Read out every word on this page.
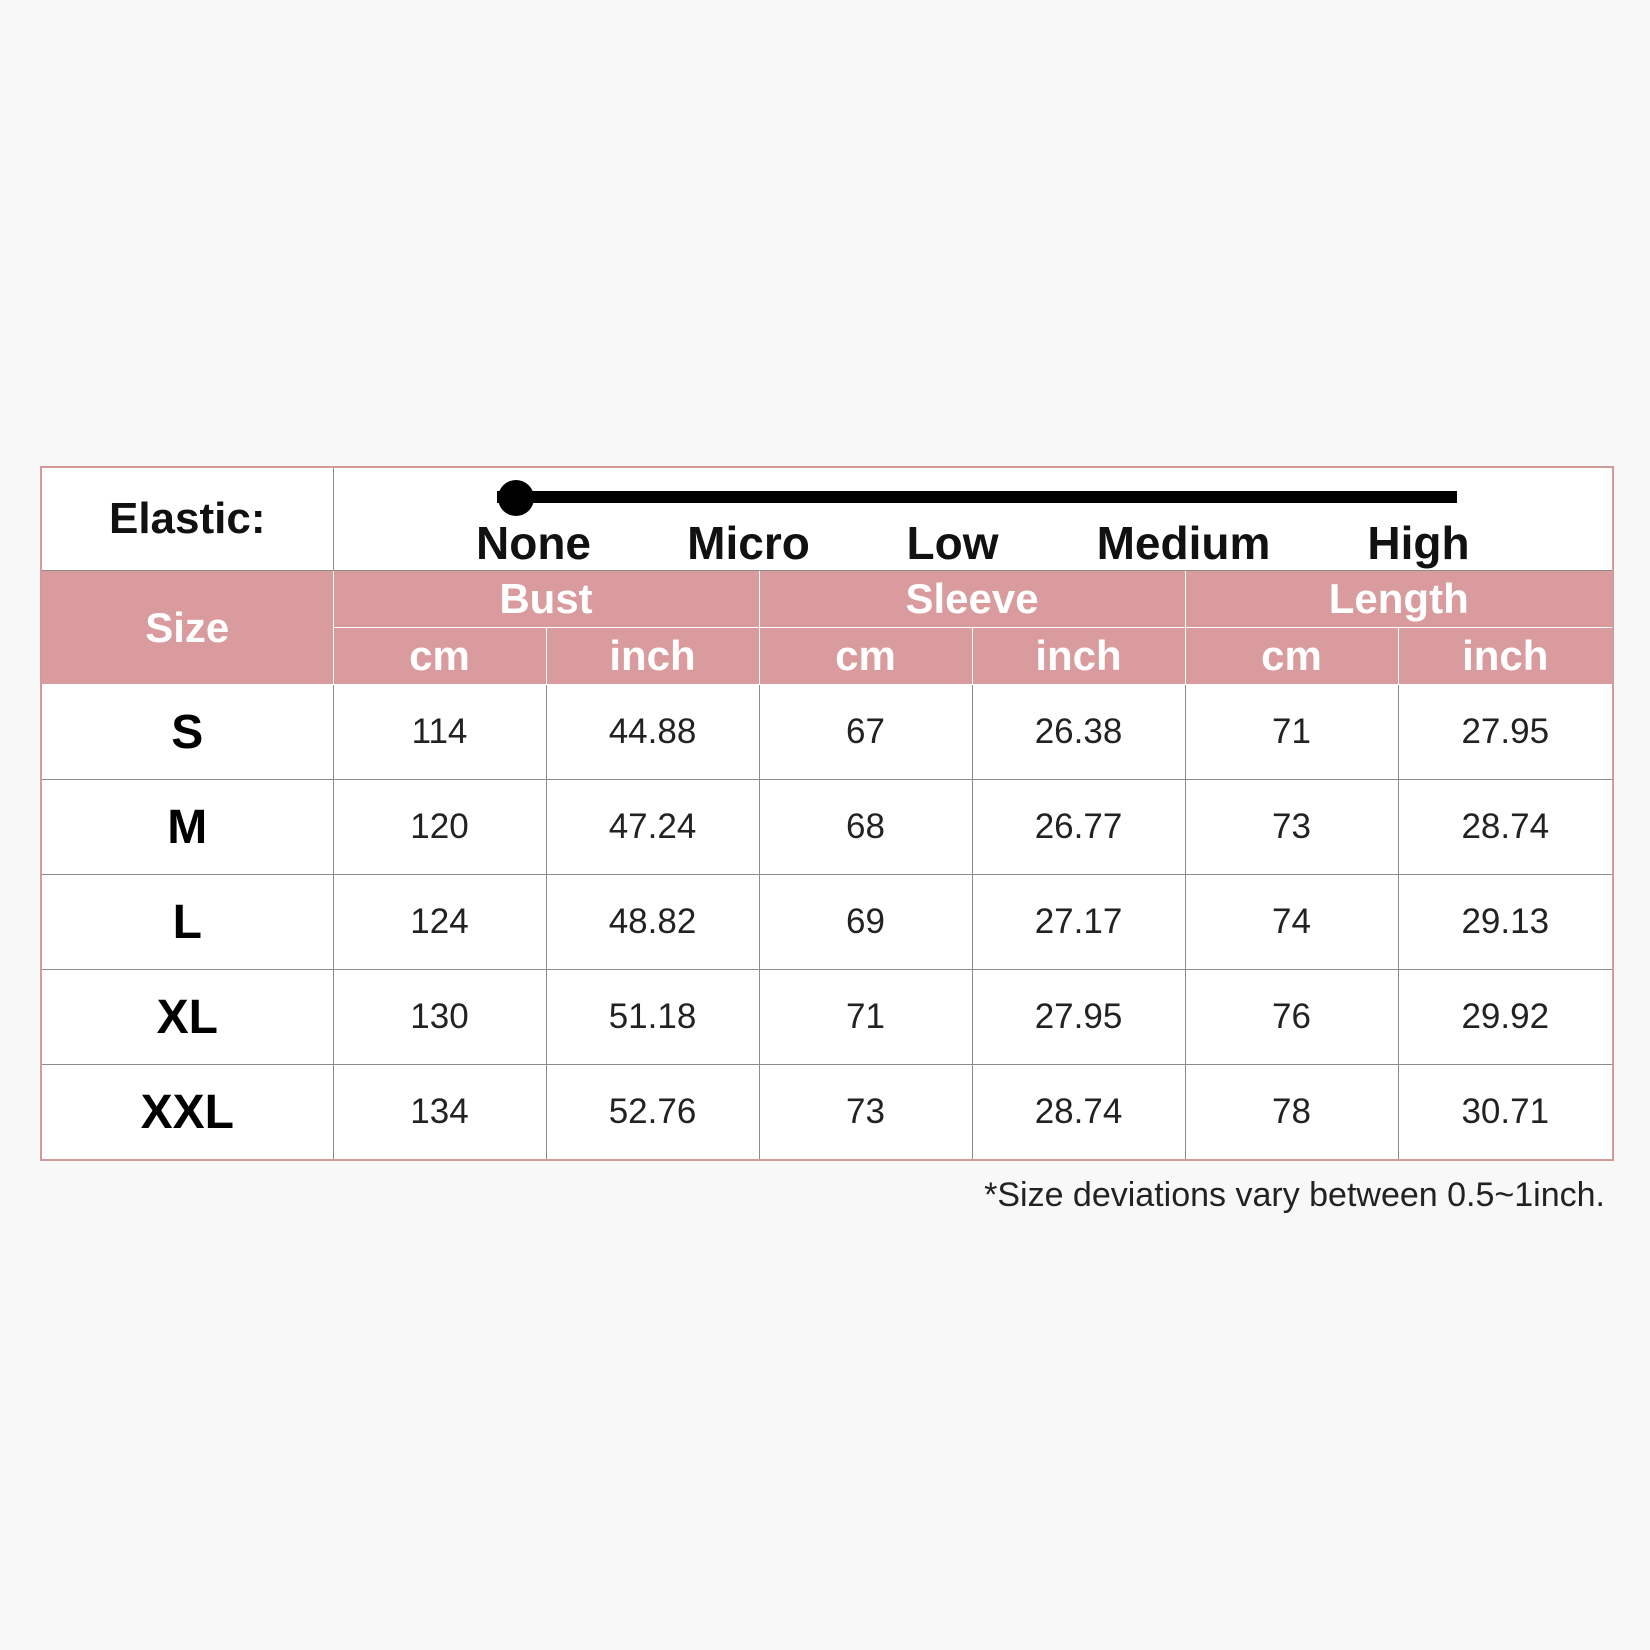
Elastic:	None Micro Low Medium High					

Size	Bust		Sleeve		Length	
	cm	inch	cm	inch	cm	inch
S	114	44.88	67	26.38	71	27.95
M	120	47.24	68	26.77	73	28.74
L	124	48.82	69	27.17	74	29.13
XL	130	51.18	71	27.95	76	29.92
XXL	134	52.76	73	28.74	78	30.71
*Size deviations vary between 0.5~1inch.
